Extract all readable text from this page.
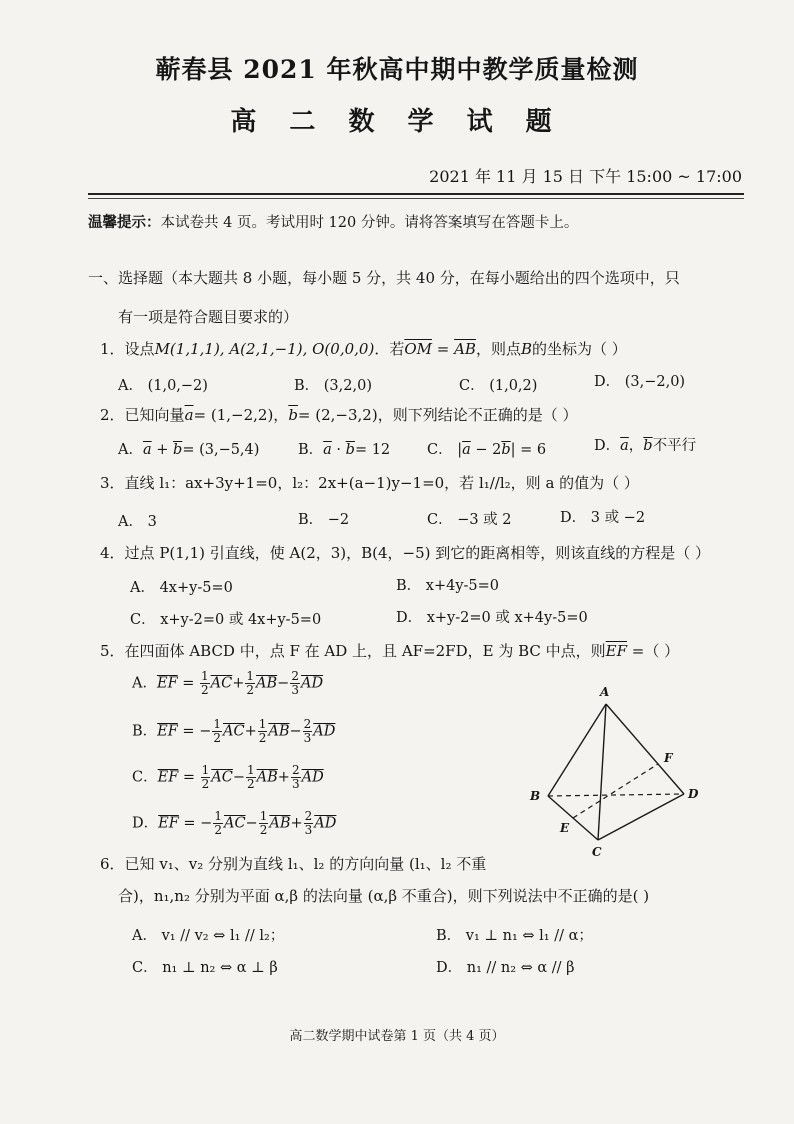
蕲春县 2021 年秋高中期中教学质量检测
高 二 数 学 试 题
2021 年 11 月 15 日 下午 15:00 ~ 17:00
温馨提示：本试卷共 4 页。考试用时 120 分钟。请将答案填写在答题卡上。
一、选择题（本大题共 8 小题，每小题 5 分，共 40 分，在每小题给出的四个选项中，只
有一项是符合题目要求的）
1．设点M(1,1,1), A(2,1,−1), O(0,0,0)．若$\overline{OM} = \overline{AB}$，则点B的坐标为（ ）
A． (1,0,−2)	B． (3,2,0)	C． (1,0,2)	D． (3,−2,0)
2．已知向量$\overline{a}= (1,-2,2)$，$\overline{b}= (2,-3,2)$，则下列结论不正确的是（ ）
A．$\overline{a} + \overline{b}= (3,-5,4)$	B．$\overline{a} \cdot \overline{b}= 12$	C． $|\overline{a} - 2\overline{b}| = 6$	D．$\overline{a}$，$\overline{b}$不平行
3．直线 l₁：ax+3y+1=0，l₂：2x+(a−1)y−1=0，若 l₁//l₂，则 a 的值为（ ）
A． 3	B． −2	C． −3 或 2	D． 3 或 −2
4．过点 P(1,1) 引直线，使 A(2，3)，B(4，−5) 到它的距离相等，则该直线的方程是（ ）
A． 4x+y-5=0	B． x+4y-5=0
C． x+y-2=0 或 4x+y-5=0	D． x+y-2=0 或 x+4y-5=0
5．在四面体 ABCD 中，点 F 在 AD 上，且 AF=2FD，E 为 BC 中点，则$\overline{EF}$ =（ ）
A．$\overline{EF} = \frac{1}{2} \overline{AC}+ \frac{1}{2} \overline{AB}- \frac{2}{3} \overline{AD}$
B．$\overline{EF}$ = − $\frac{1}{2} \overline{AC}+ \frac{1}{2} \overline{AB}- \frac{2}{3} \overline{AD}$
C．$\overline{EF} = \frac{1}{2} \overline{AC}- \frac{1}{2} \overline{AB}+ \frac{2}{3} \overline{AD}$
D．$\overline{EF}$ = − $\frac{1}{2} \overline{AC}- \frac{1}{2} \overline{AB}+ \frac{2}{3} \overline{AD}$
A
B
C
D
E
F
6．已知 v₁、v₂ 分别为直线 l₁、l₂ 的方向向量 (l₁、l₂ 不重
合)，n₁,n₂ 分别为平面 α,β 的法向量 (α,β 不重合)，则下列说法中不正确的是( )
A． v₁ // v₂ ⇔ l₁ // l₂；	B． v₁ ⊥ n₁ ⇔ l₁ // α；
C． n₁ ⊥ n₂ ⇔ α ⊥ β	D． n₁ // n₂ ⇔ α // β
高二数学期中试卷第 1 页（共 4 页）
